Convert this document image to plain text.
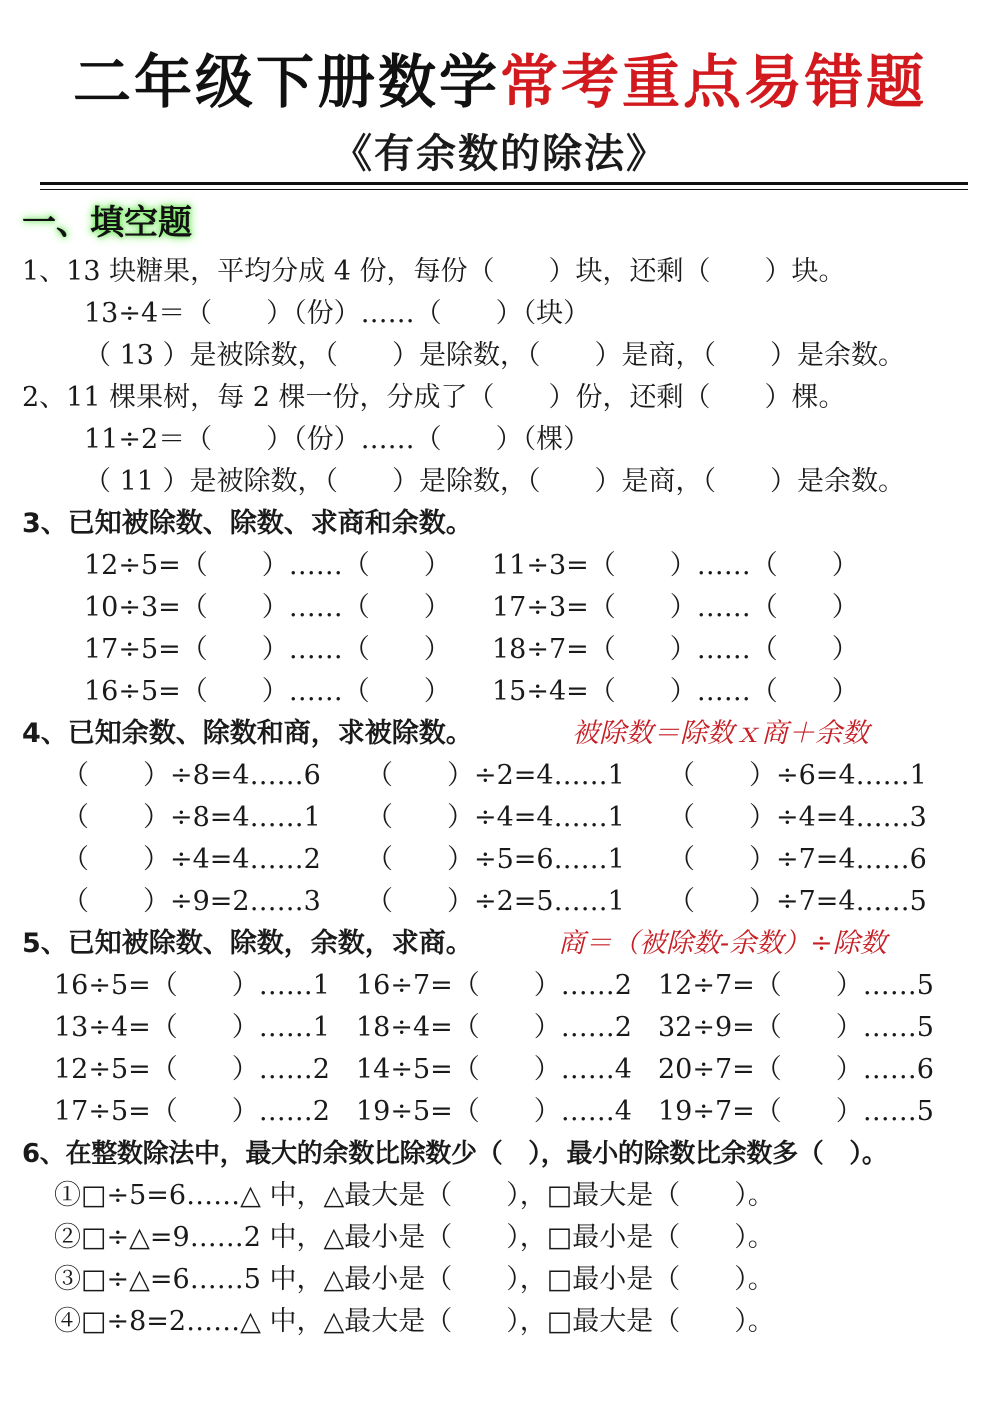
二年级下册数学常考重点易错题
《有余数的除法》
一、填空题
1、13 块糖果，平均分成 4 份，每份（　　）块，还剩（　　）块。
13÷4＝（　　）（份）……（　　）（块）
（ 13 ）是被除数，（　　）是除数，（　　）是商，（　　）是余数。
2、11 棵果树，每 2 棵一份，分成了（　　）份，还剩（　　）棵。
11÷2＝（　　）（份）……（　　）（棵）
（ 11 ）是被除数，（　　）是除数，（　　）是商，（　　）是余数。
3、已知被除数、除数、求商和余数。
12÷5=（　　）……（　　）
10÷3=（　　）……（　　）
17÷5=（　　）……（　　）
16÷5=（　　）……（　　）
11÷3=（　　）……（　　）
17÷3=（　　）……（　　）
18÷7=（　　）……（　　）
15÷4=（　　）……（　　）
4、已知余数、除数和商，求被除数。	被除数＝除数ｘ商＋余数
（　　）÷8=4……6
（　　）÷8=4……1
（　　）÷4=4……2
（　　）÷9=2……3
（　　）÷2=4……1
（　　）÷4=4……1
（　　）÷5=6……1
（　　）÷2=5……1
（　　）÷6=4……1
（　　）÷4=4……3
（　　）÷7=4……6
（　　）÷7=4……5
5、已知被除数、除数，余数，求商。	商＝（被除数-余数）÷除数
16÷5=（　　）……1
13÷4=（　　）……1
12÷5=（　　）……2
17÷5=（　　）……2
16÷7=（　　）……2
18÷4=（　　）……2
14÷5=（　　）……4
19÷5=（　　）……4
12÷7=（　　）……5
32÷9=（　　）……5
20÷7=（　　）……6
19÷7=（　　）……5
6、在整数除法中，最大的余数比除数少（　），最小的除数比余数多（　）。
①□÷5=6……△ 中，△最大是（　　），□最大是（　　）。
②□÷△=9……2 中，△最小是（　　），□最小是（　　）。
③□÷△=6……5 中，△最小是（　　），□最小是（　　）。
④□÷8=2……△ 中，△最大是（　　），□最大是（　　）。
